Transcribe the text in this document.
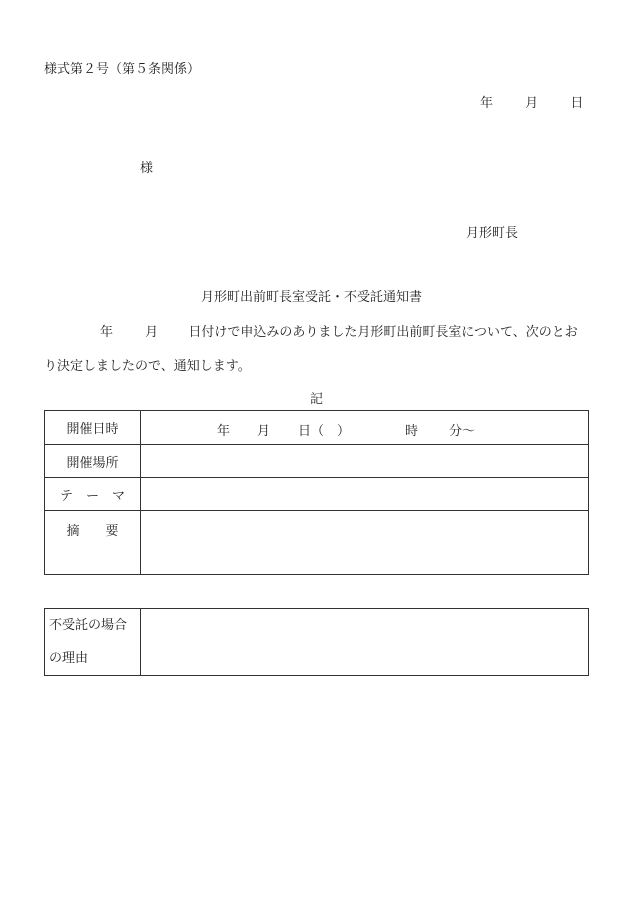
様式第２号（第５条関係）
年 月 日
様
月形町長
月形町出前町長室受託・不受託通知書
年 月 日付けで申込みのありました月形町出前町長室について、次のとお
り決定しましたので、通知します。
記
開催日時	年 月 日（　） 時 分～

開催場所	
テ　ー　マ	
摘　　要	
不受託の場合
の理由
